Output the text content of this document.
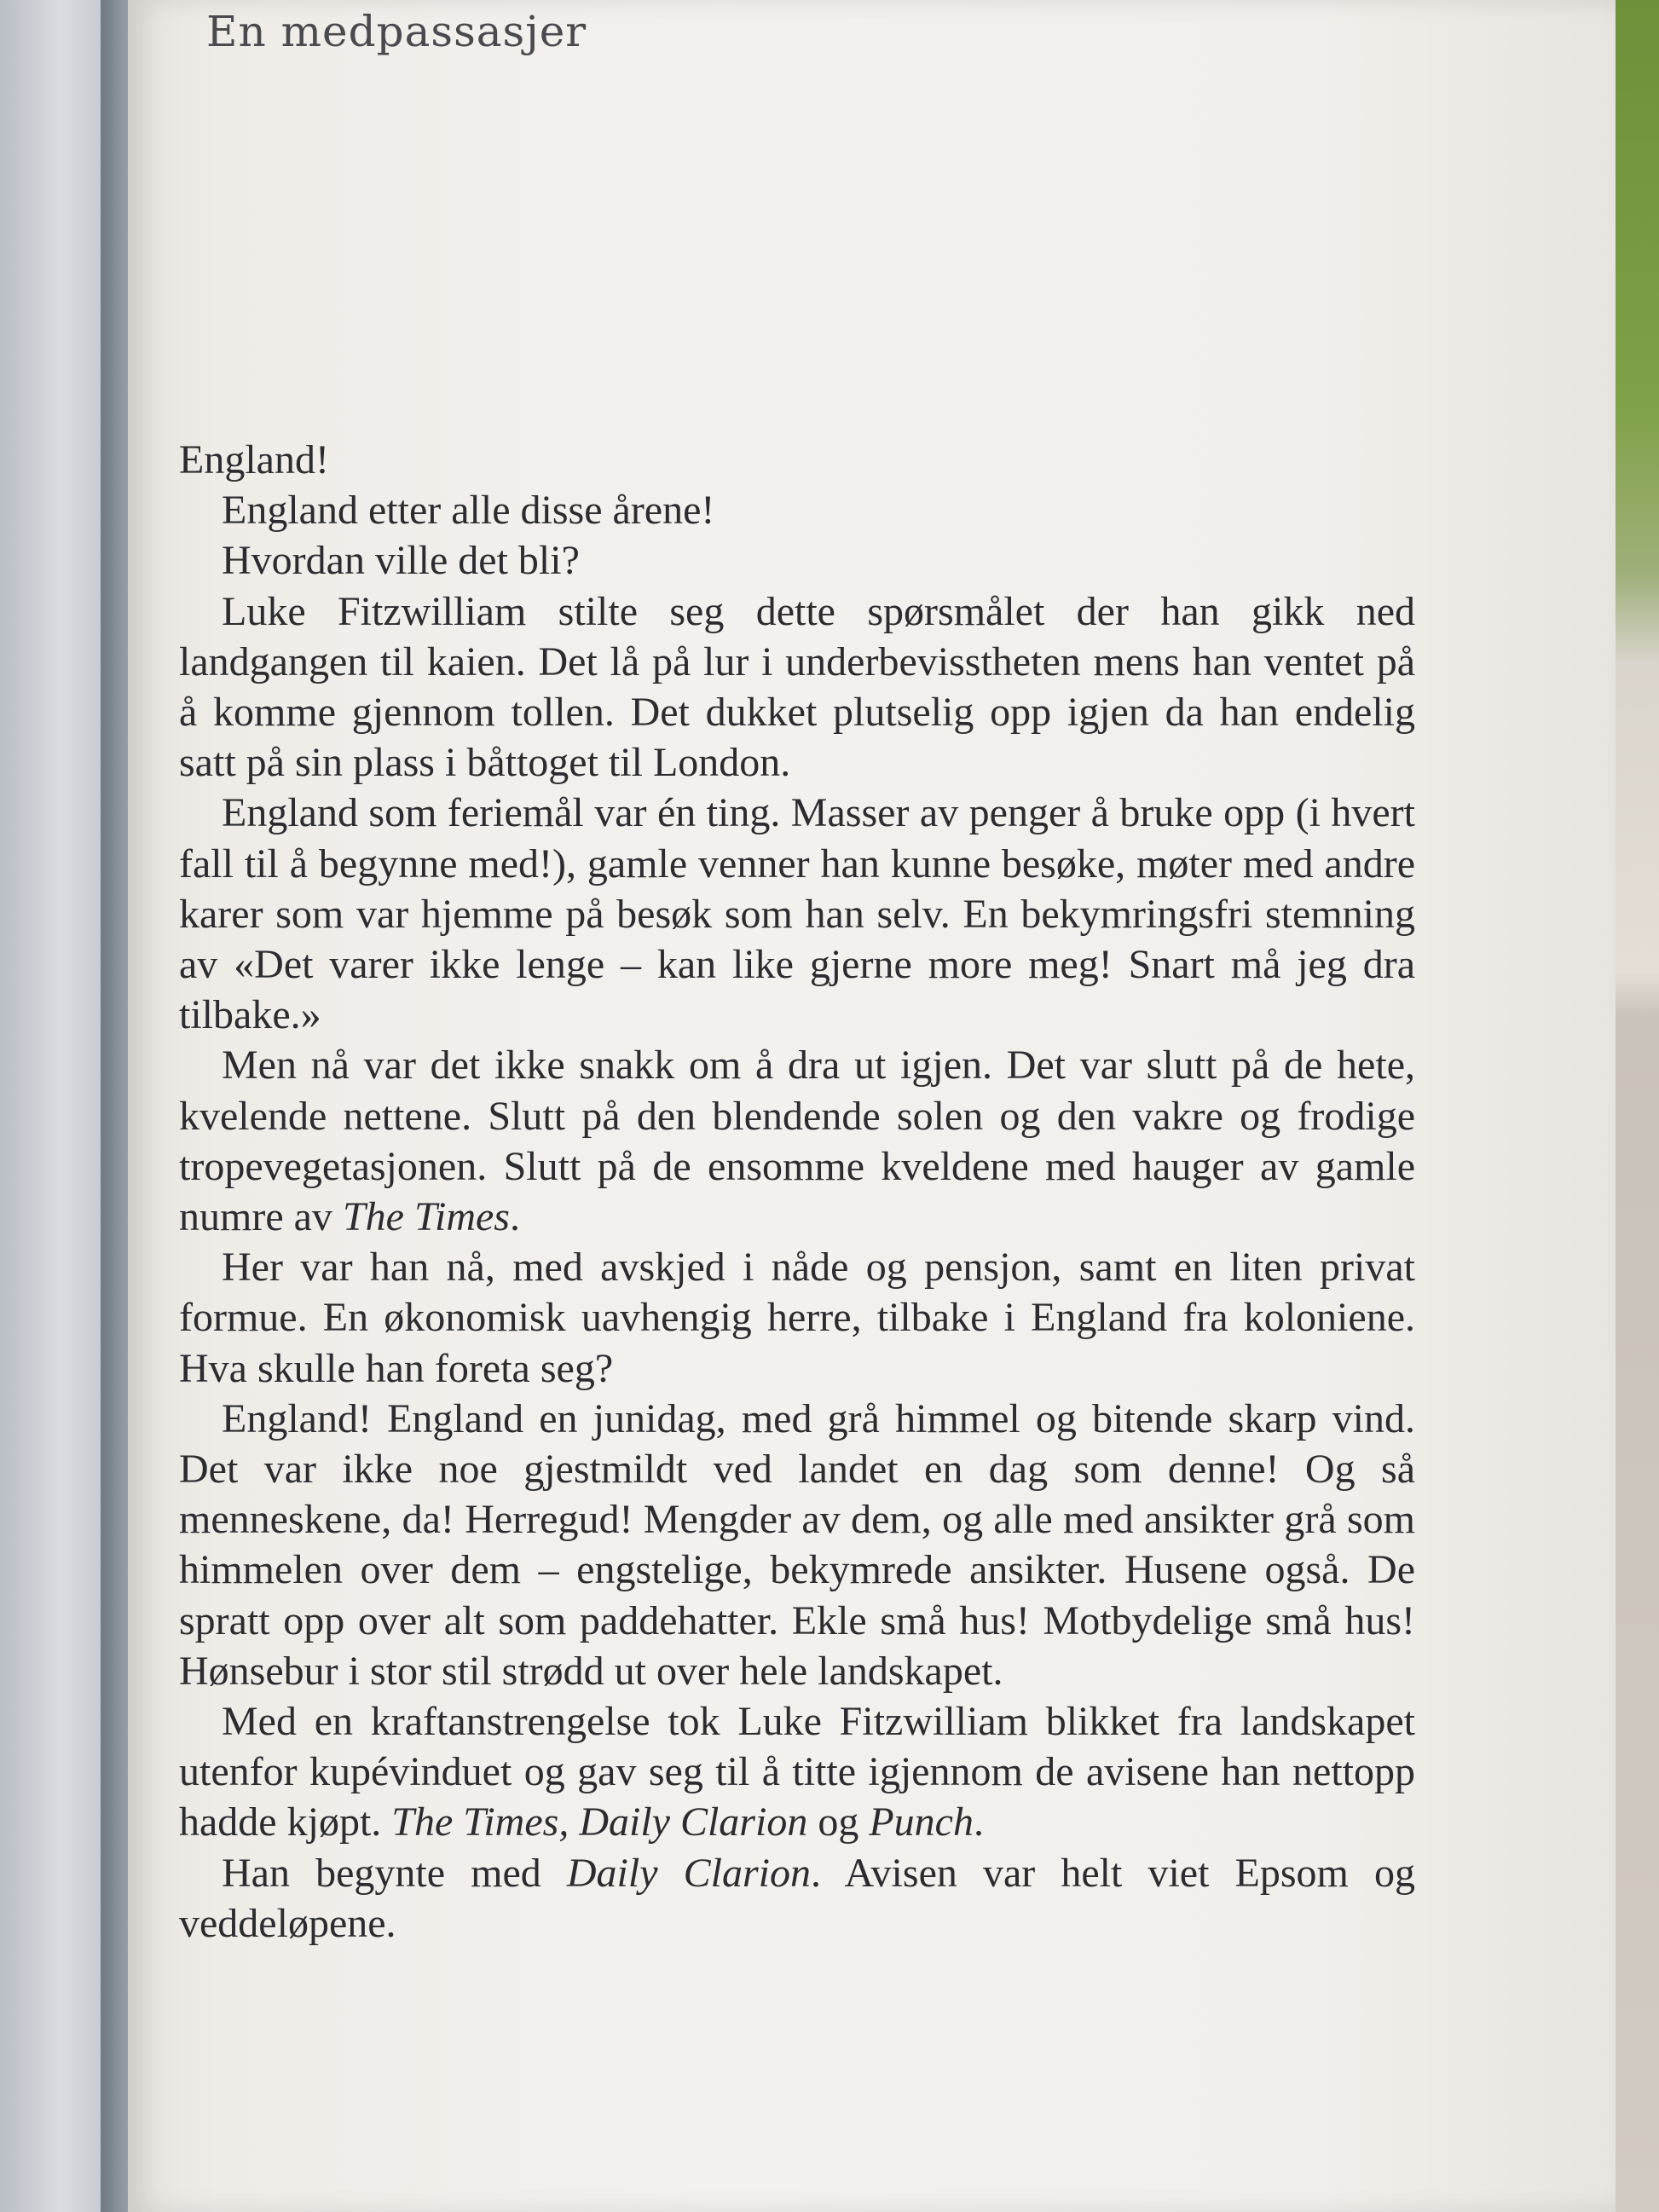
En medpassasjer

England!

England etter alle disse årene!

Hvordan ville det bli?

Luke Fitzwilliam stilte seg dette spørsmålet der han gikk ned landgangen til kaien. Det lå på lur i underbevisstheten mens han ventet på å komme gjennom tollen. Det dukket plutselig opp igjen da han endelig satt på sin plass i båttoget til London.

England som feriemål var én ting. Masser av penger å bruke opp (i hvert fall til å begynne med!), gamle venner han kunne besøke, møter med andre karer som var hjemme på besøk som han selv. En bekymringsfri stemning av «Det varer ikke lenge – kan like gjerne more meg! Snart må jeg dra tilbake.»

Men nå var det ikke snakk om å dra ut igjen. Det var slutt på de hete, kvelende nettene. Slutt på den blendende solen og den vakre og frodige tropevegetasjonen. Slutt på de ensomme kveldene med hauger av gamle numre av The Times.

Her var han nå, med avskjed i nåde og pensjon, samt en liten privat formue. En økonomisk uavhengig herre, tilbake i England fra koloniene. Hva skulle han foreta seg?

England! England en junidag, med grå himmel og bitende skarp vind. Det var ikke noe gjestmildt ved landet en dag som denne! Og så menneskene, da! Herregud! Mengder av dem, og alle med ansikter grå som himmelen over dem – engstelige, bekymrede ansikter. Husene også. De spratt opp over alt som paddehatter. Ekle små hus! Motbydelige små hus! Hønsebur i stor stil strødd ut over hele landskapet.

Med en kraftanstrengelse tok Luke Fitzwilliam blikket fra landskapet utenfor kupévinduet og gav seg til å titte igjennom de avisene han nettopp hadde kjøpt. The Times, Daily Clarion og Punch.

Han begynte med Daily Clarion. Avisen var helt viet Epsom og veddeløpene.
